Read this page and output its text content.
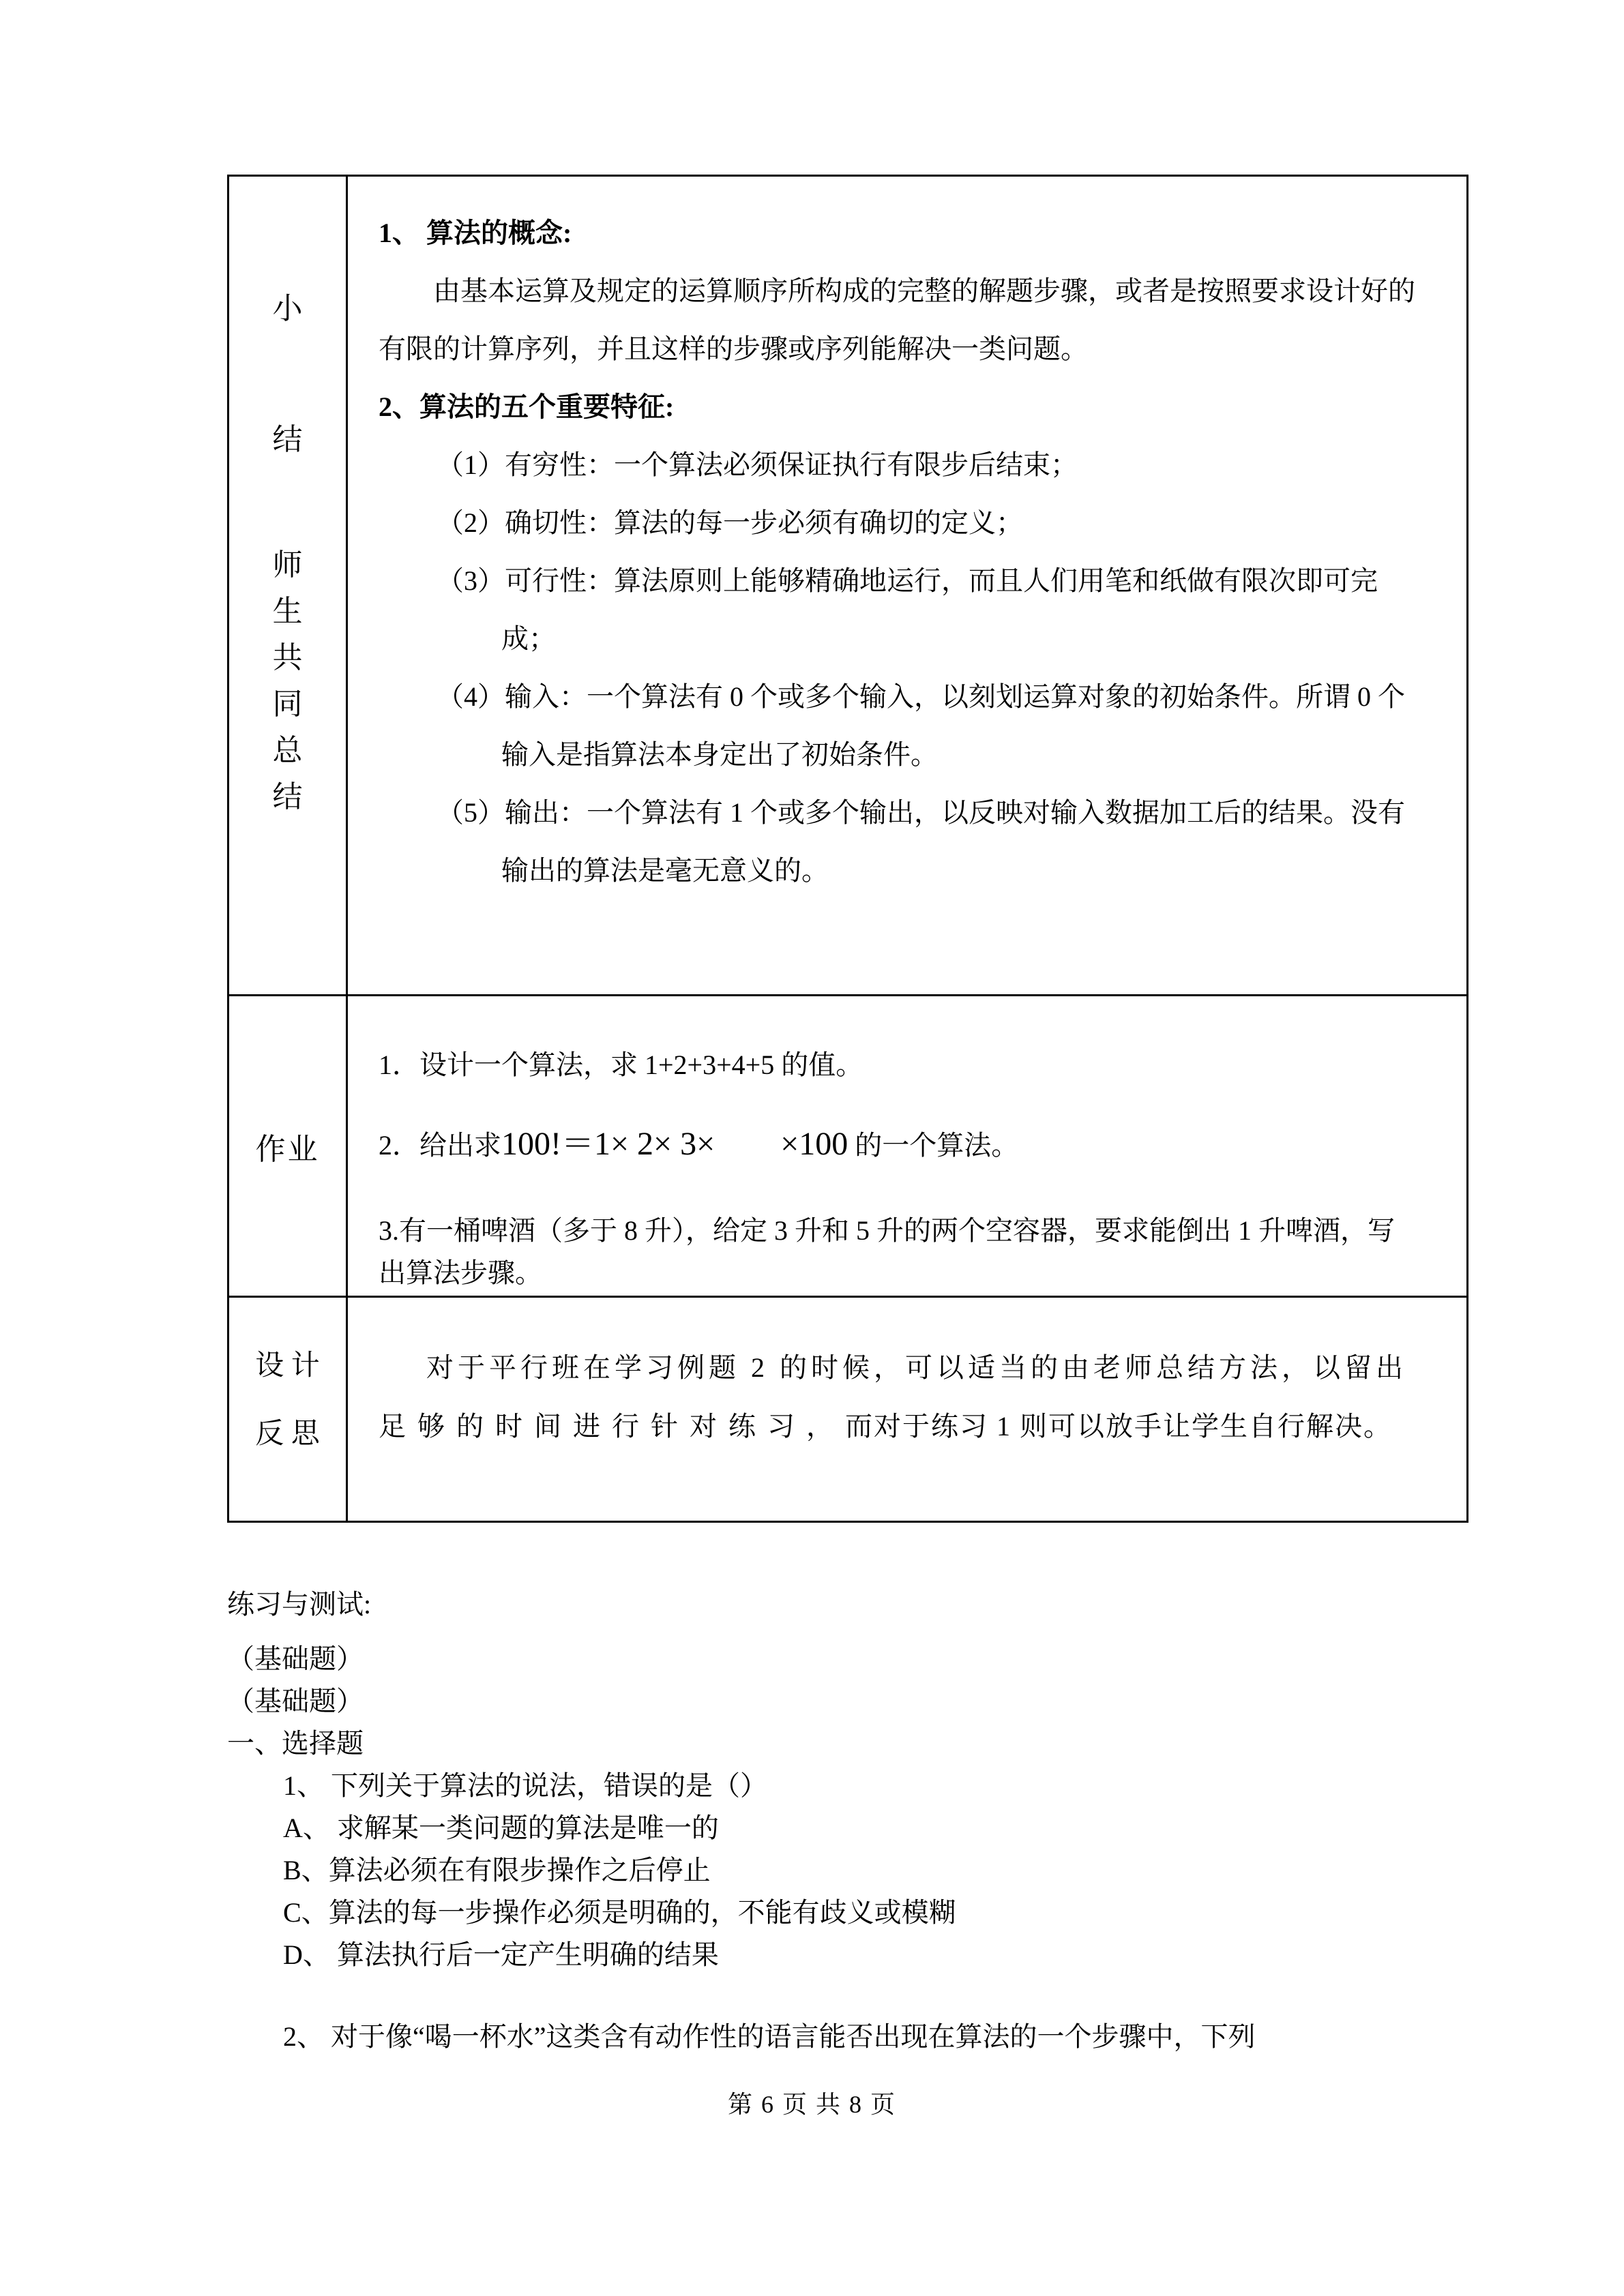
小
结
师
生
共
同
总
结
1、 算法的概念:
由基本运算及规定的运算顺序所构成的完整的解题步骤，或者是按照要求设计好的
有限的计算序列，并且这样的步骤或序列能解决一类问题。
2、算法的五个重要特征:
（1）有穷性：一个算法必须保证执行有限步后结束；
（2）确切性：算法的每一步必须有确切的定义；
（3）可行性：算法原则上能够精确地运行，而且人们用笔和纸做有限次即可完
成；
（4）输入：一个算法有 0 个或多个输入，以刻划运算对象的初始条件。所谓 0 个
输入是指算法本身定出了初始条件。
（5）输出：一个算法有 1 个或多个输出，以反映对输入数据加工后的结果。没有
输出的算法是毫无意义的。
作业
1．设计一个算法，求 1+2+3+4+5 的值。
2．给出求100!＝1× 2× 3×　　×100 的一个算法。
3.有一桶啤酒（多于 8 升），给定 3 升和 5 升的两个空容器，要求能倒出 1 升啤酒，写
出算法步骤。
设 计
反 思
对于平行班在学习例题 2 的时候，可以适当的由老师总结方法，以留出
足够的时间进行针对练习，而对于练习 1 则可以放手让学生自行解决。
练习与测试:
（基础题）
（基础题）
一、选择题
1、 下列关于算法的说法，错误的是（）
A、 求解某一类问题的算法是唯一的
B、算法必须在有限步操作之后停止
C、算法的每一步操作必须是明确的，不能有歧义或模糊
D、 算法执行后一定产生明确的结果
2、 对于像“喝一杯水”这类含有动作性的语言能否出现在算法的一个步骤中，下列
第 6 页 共 8 页
